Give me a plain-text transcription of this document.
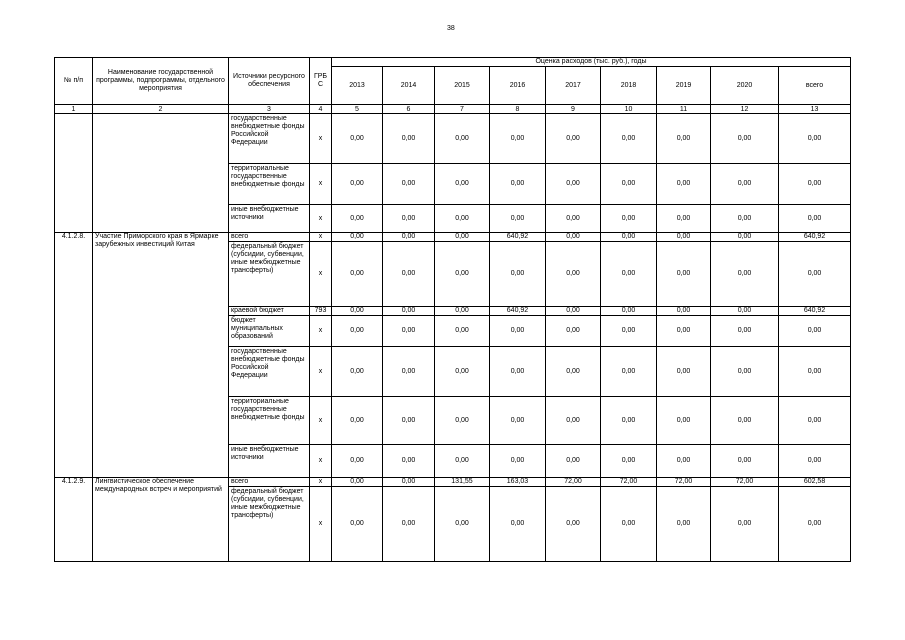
38
№ п/п	Наименование государственной программы, подпрограммы, отдельного мероприятия	Источники ресурсного обеспечения	ГРБ С	Оценка расходов (тыс. руб.), годы								
				2013	2014	2015	2016	2017	2018	2019	2020	всего
1	2	3	4	5	6	7	8	9	10	11	12	13
		государственные внебюджетные фонды Российской Федерации	х	0,00	0,00	0,00	0,00	0,00	0,00	0,00	0,00	0,00
		территориальные государственные внебюджетные фонды	х	0,00	0,00	0,00	0,00	0,00	0,00	0,00	0,00	0,00
		иные внебюджетные источники	х	0,00	0,00	0,00	0,00	0,00	0,00	0,00	0,00	0,00
4.1.2.8.	Участие Приморского края в Ярмарке зарубежных инвестиций Китая	всего	х	0,00	0,00	0,00	640,92	0,00	0,00	0,00	0,00	640,92
		федеральный бюджет (субсидии, субвенции, иные межбюджетные трансферты)	х	0,00	0,00	0,00	0,00	0,00	0,00	0,00	0,00	0,00
		краевой бюджет	793	0,00	0,00	0,00	640,92	0,00	0,00	0,00	0,00	640,92
		бюджет муниципальных образований	х	0,00	0,00	0,00	0,00	0,00	0,00	0,00	0,00	0,00
		государственные внебюджетные фонды Российской Федерации	х	0,00	0,00	0,00	0,00	0,00	0,00	0,00	0,00	0,00
		территориальные государственные внебюджетные фонды	х	0,00	0,00	0,00	0,00	0,00	0,00	0,00	0,00	0,00
		иные внебюджетные источники	х	0,00	0,00	0,00	0,00	0,00	0,00	0,00	0,00	0,00
4.1.2.9.	Лингвистическое обеспечение международных встреч и мероприятий	всего	х	0,00	0,00	131,55	163,03	72,00	72,00	72,00	72,00	602,58
		федеральный бюджет (субсидии, субвенции, иные межбюджетные трансферты)	х	0,00	0,00	0,00	0,00	0,00	0,00	0,00	0,00	0,00
